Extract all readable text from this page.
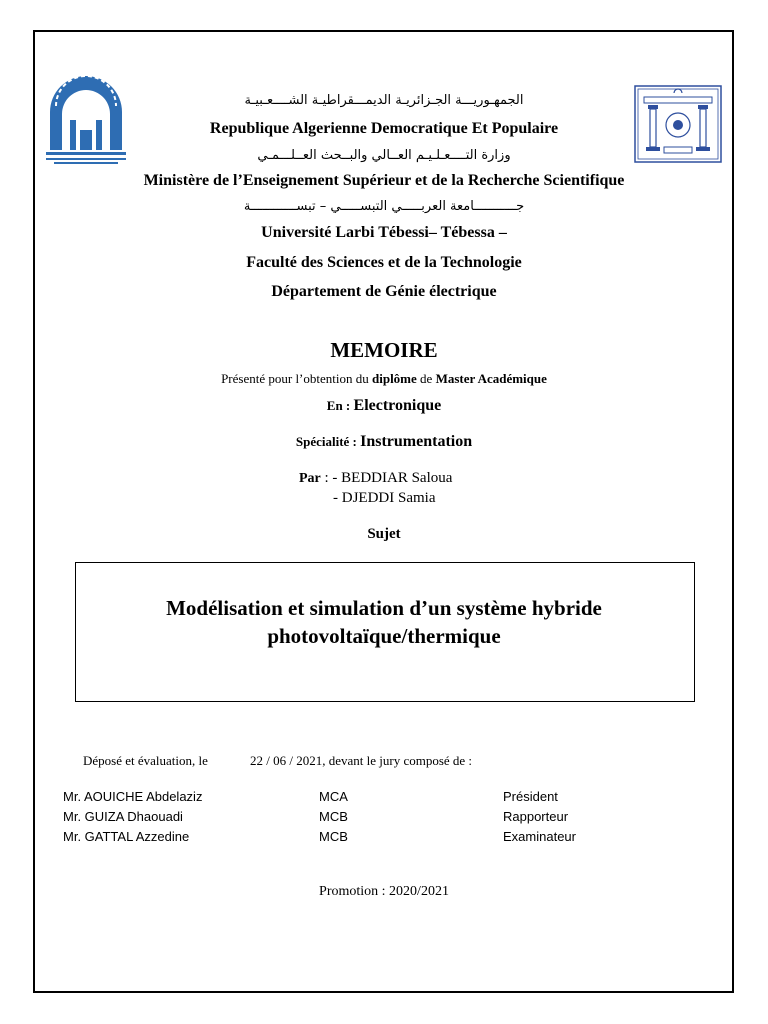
الجمهـوريـــة الجـزائريـة الديمـــقراطيـة الشــــعـبيـة
Republique Algerienne Democratique Et Populaire
وزارة التــــعـلـيـم العــالي والبــحث العــلـــمـي
Ministère de l’Enseignement Supérieur et de la Recherche Scientifique
جـــــــــــامعة العربـــــي التبســـــي – تبســــــــــــة
Université Larbi Tébessi– Tébessa –
Faculté des Sciences et de la Technologie
Département de Génie électrique
MEMOIRE
Présenté pour l’obtention du diplôme de Master Académique
En : Electronique
Spécialité : Instrumentation
Par : - BEDDIAR Saloua
- DJEDDI Samia
Sujet
Modélisation et simulation d’un système hybride
photovoltaïque/thermique
Déposé et évaluation, le	22 / 06 / 2021, devant le jury composé de :
Mr. AOUICHE Abdelaziz	MCA	Président
Mr. GUIZA Dhaouadi	MCB	Rapporteur
Mr. GATTAL Azzedine	MCB	Examinateur
Promotion : 2020/2021
